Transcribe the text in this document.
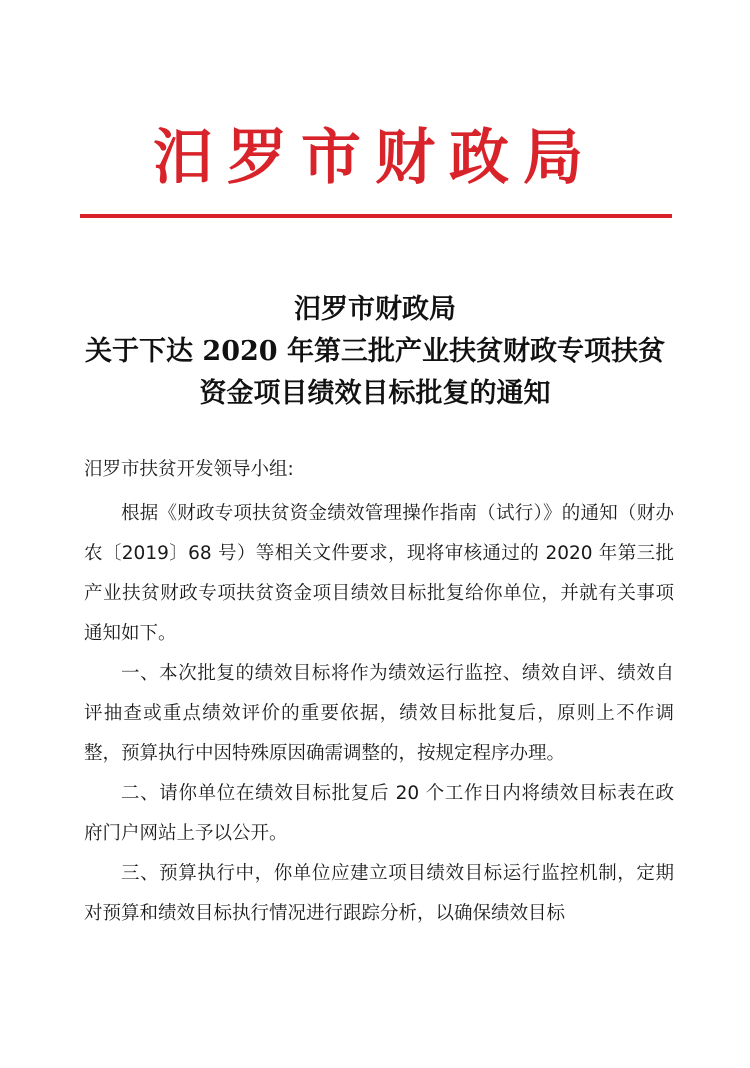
汨罗市财政局
汨罗市财政局
关于下达 2020 年第三批产业扶贫财政专项扶贫
资金项目绩效目标批复的通知
汨罗市扶贫开发领导小组:

根据《财政专项扶贫资金绩效管理操作指南（试行）》的通知（财办农〔2019〕68 号）等相关文件要求，现将审核通过的 2020 年第三批产业扶贫财政专项扶贫资金项目绩效目标批复给你单位，并就有关事项通知如下。

一、本次批复的绩效目标将作为绩效运行监控、绩效自评、绩效自评抽查或重点绩效评价的重要依据，绩效目标批复后，原则上不作调整，预算执行中因特殊原因确需调整的，按规定程序办理。

二、请你单位在绩效目标批复后 20 个工作日内将绩效目标表在政府门户网站上予以公开。

三、预算执行中，你单位应建立项目绩效目标运行监控机制，定期对预算和绩效目标执行情况进行跟踪分析，以确保绩效目标
